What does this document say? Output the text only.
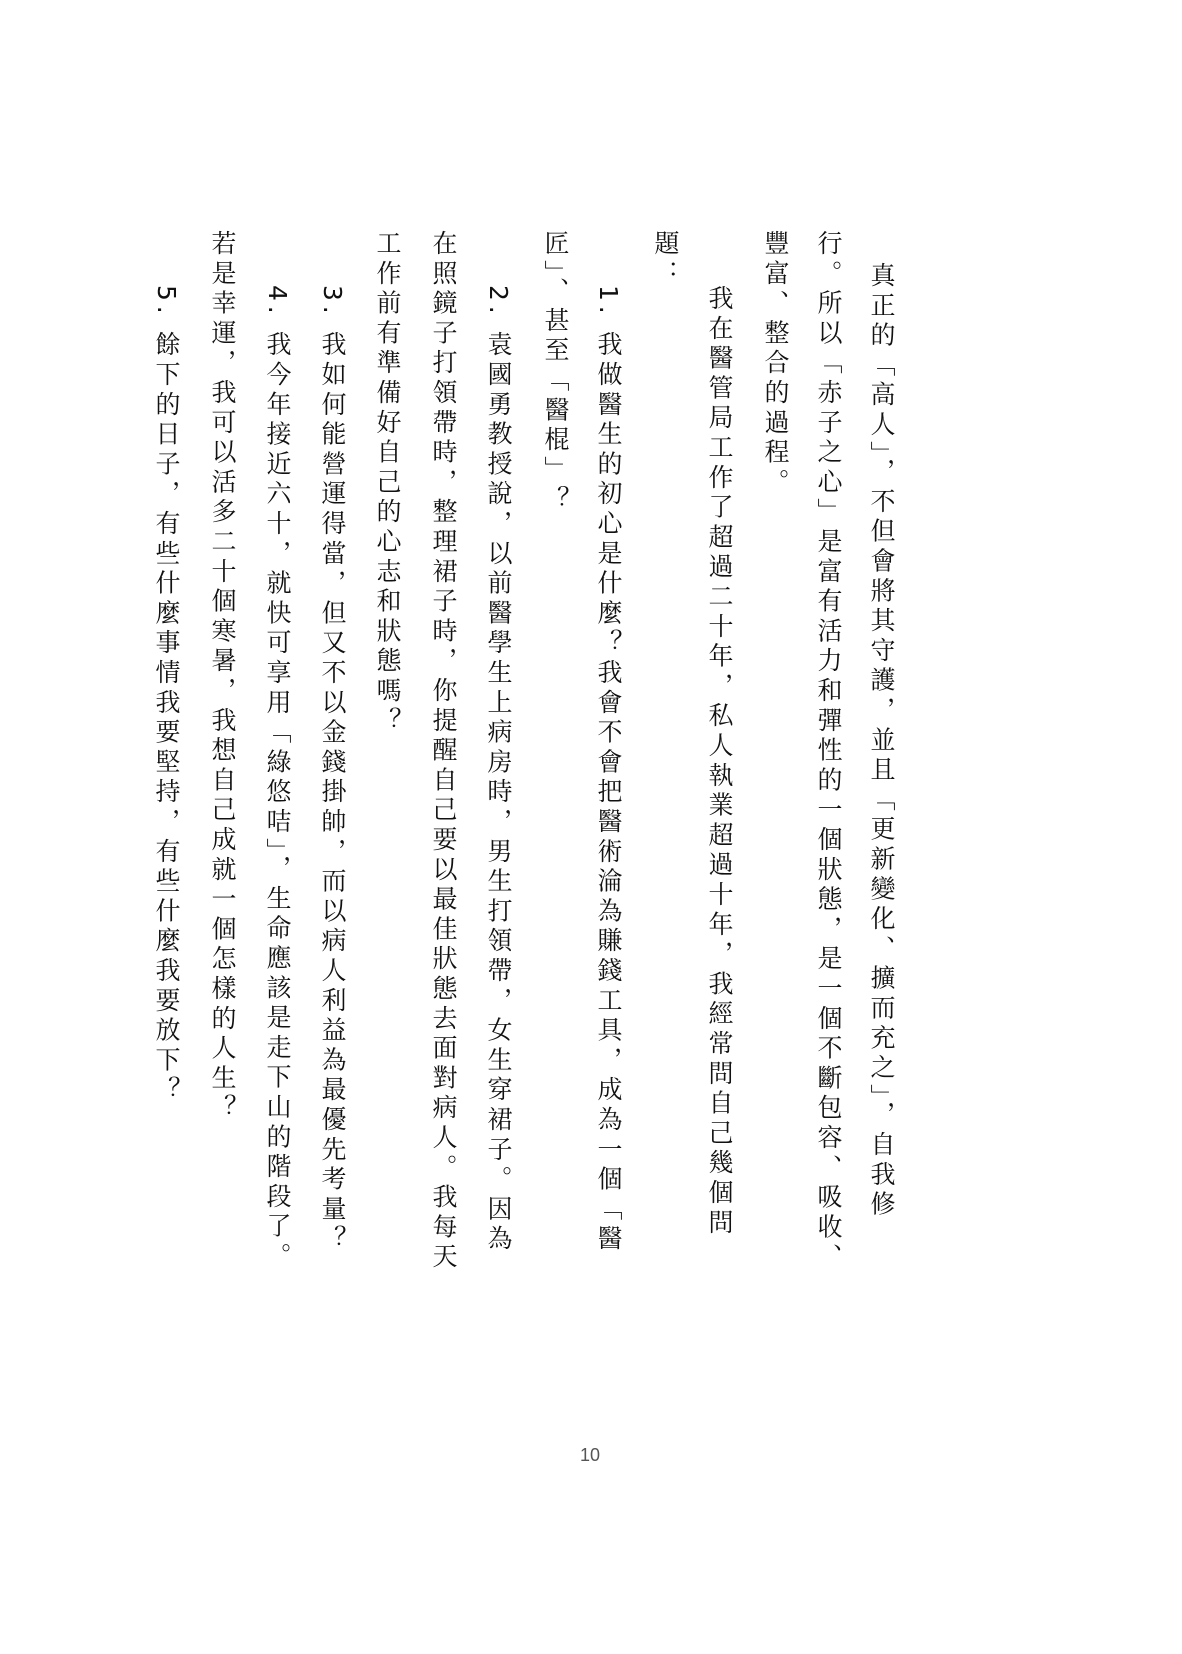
真正的「高人」，不但會將其守護，並且「更新變化、擴而充之」，自我修

行。所以「赤子之心」是富有活力和彈性的一個狀態，是一個不斷包容、吸收、

豐富、整合的過程。

我在醫管局工作了超過二十年，私人執業超過十年，我經常問自己幾個問

題：

1. 我做醫生的初心是什麼？我會不會把醫術淪為賺錢工具，成為一個「醫

匠」、甚至「醫棍」？

2. 袁國勇教授說，以前醫學生上病房時，男生打領帶，女生穿裙子。因為

在照鏡子打領帶時，整理裙子時，你提醒自己要以最佳狀態去面對病人。我每天

工作前有準備好自己的心志和狀態嗎？

3. 我如何能營運得當，但又不以金錢掛帥，而以病人利益為最優先考量？

4. 我今年接近六十，就快可享用「綠悠咭」，生命應該是走下山的階段了。

若是幸運，我可以活多二十個寒暑，我想自己成就一個怎樣的人生？

5. 餘下的日子，有些什麼事情我要堅持，有些什麼我要放下？

10
